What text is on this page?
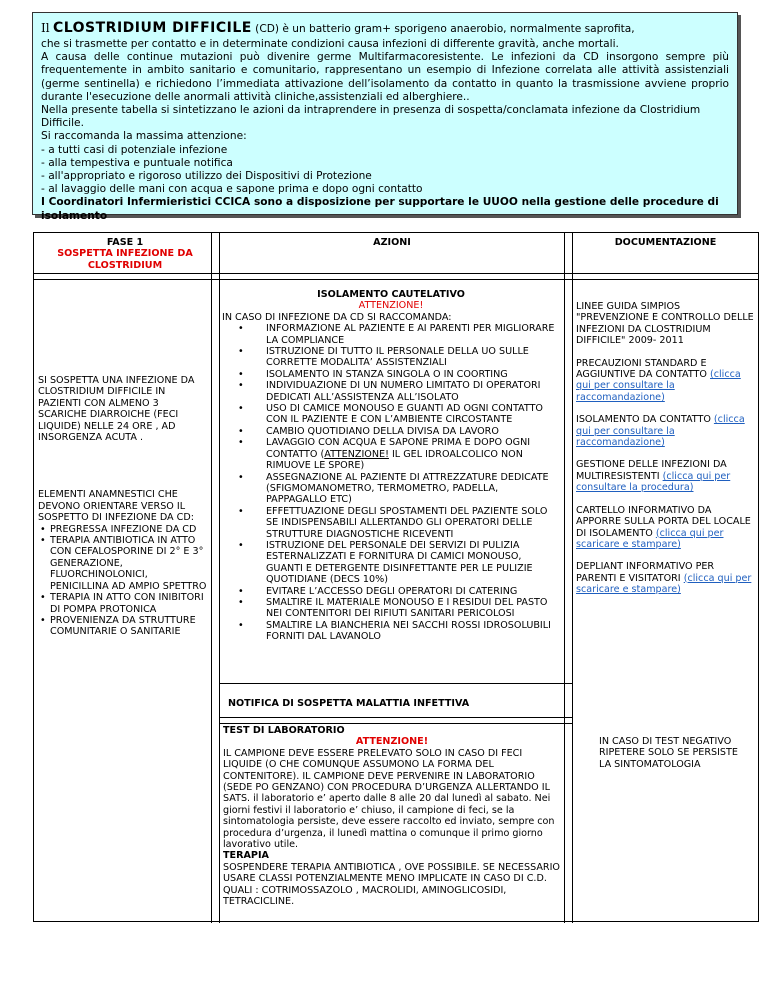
Il CLOSTRIDIUM DIFFICILE (CD) è un batterio gram+ sporigeno anaerobio, normalmente saprofita,

che si trasmette per contatto e in determinate condizioni causa infezioni di differente gravità, anche mortali.

A causa delle continue mutazioni può divenire germe Multifarmacoresistente. Le infezioni da CD insorgono sempre più frequentemente in ambito sanitario e comunitario, rappresentano un esempio di Infezione correlata alle attività assistenziali (germe sentinella) e richiedono l’immediata attivazione dell’isolamento da contatto in quanto la trasmissione avviene proprio durante l'esecuzione delle anormali attività cliniche,assistenziali ed alberghiere..

Nella presente tabella si sintetizzano le azioni da intraprendere in presenza di sospetta/conclamata infezione da Clostridium Difficile.

Si raccomanda la massima attenzione:

- a tutti casi di potenziale infezione

- alla tempestiva e puntuale notifica

- all'appropriato e rigoroso utilizzo dei Dispositivi di Protezione

- al lavaggio delle mani con acqua e sapone prima e dopo ogni contatto

I Coordinatori Infermieristici CCICA sono a disposizione per supportare le UUOO nella gestione delle procedure di isolamento

FASE 1
SOSPETTA INFEZIONE DA CLOSTRIDIUM
AZIONI	DOCUMENTAZIONE
SI SOSPETTA UNA INFEZIONE DA CLOSTRIDIUM DIFFICILE IN PAZIENTI CON ALMENO 3 SCARICHE DIARROICHE (FECI LIQUIDE) NELLE 24 ORE , AD INSORGENZA ACUTA .
ELEMENTI ANAMNESTICI CHE DEVONO ORIENTARE VERSO IL SOSPETTO DI INFEZIONE DA CD:
• PREGRESSA INFEZIONE DA CD
• TERAPIA ANTIBIOTICA IN ATTO CON CEFALOSPORINE DI 2° E 3° GENERAZIONE, FLUORCHINOLONICI, PENICILLINA AD AMPIO SPETTRO
• TERAPIA IN ATTO CON INIBITORI DI POMPA PROTONICA
• PROVENIENZA DA STRUTTURE COMUNITARIE O SANITARIE
ISOLAMENTO CAUTELATIVO
ATTENZIONE!
IN CASO DI INFEZIONE DA CD SI RACCOMANDA:
• INFORMAZIONE AL PAZIENTE E AI PARENTI PER MIGLIORARE LA COMPLIANCE
• ISTRUZIONE DI TUTTO IL PERSONALE DELLA UO SULLE CORRETTE MODALITA’ ASSISTENZIALI
• ISOLAMENTO IN STANZA SINGOLA O IN COORTING
• INDIVIDUAZIONE DI UN NUMERO LIMITATO DI OPERATORI DEDICATI ALL’ASSISTENZA ALL’ISOLATO
• USO DI CAMICE MONOUSO E GUANTI AD OGNI CONTATTO CON IL PAZIENTE E CON L’AMBIENTE CIRCOSTANTE
• CAMBIO QUOTIDIANO DELLA DIVISA DA LAVORO
• LAVAGGIO CON ACQUA E SAPONE PRIMA E DOPO OGNI CONTATTO (ATTENZIONE! IL GEL IDROALCOLICO NON RIMUOVE LE SPORE)
• ASSEGNAZIONE AL PAZIENTE DI ATTREZZATURE DEDICATE (SFIGMOMANOMETRO, TERMOMETRO, PADELLA, PAPPAGALLO ETC)
• EFFETTUAZIONE DEGLI SPOSTAMENTI DEL PAZIENTE SOLO SE INDISPENSABILI ALLERTANDO GLI OPERATORI DELLE STRUTTURE DIAGNOSTICHE RICEVENTI
• ISTRUZIONE DEL PERSONALE DEI SERVIZI DI PULIZIA ESTERNALIZZATI E FORNITURA DI CAMICI MONOUSO, GUANTI E DETERGENTE DISINFETTANTE PER LE PULIZIE QUOTIDIANE (DECS 10%)
• EVITARE L’ACCESSO DEGLI OPERATORI DI CATERING
• SMALTIRE IL MATERIALE MONOUSO E I RESIDUI DEL PASTO NEI CONTENITORI DEI RIFIUTI SANITARI PERICOLOSI
• SMALTIRE LA BIANCHERIA NEI SACCHI ROSSI IDROSOLUBILI FORNITI DAL LAVANOLO

LINEE GUIDA SIMPIOS "PREVENZIONE E CONTROLLO DELLE INFEZIONI DA CLOSTRIDIUM DIFFICILE" 2009- 2011

PRECAUZIONI STANDARD E AGGIUNTIVE DA CONTATTO (clicca qui per consultare la raccomandazione)

ISOLAMENTO DA CONTATTO (clicca qui per consultare la raccomandazione)

GESTIONE DELLE INFEZIONI DA MULTIRESISTENTI (clicca qui per consultare la procedura)

CARTELLO INFORMATIVO DA APPORRE SULLA PORTA DEL LOCALE DI ISOLAMENTO (clicca qui per scaricare e stampare)

DEPLIANT INFORMATIVO PER PARENTI E VISITATORI (clicca qui per scaricare e stampare)

NOTIFICA DI SOSPETTA MALATTIA INFETTIVA
TEST DI LABORATORIO
ATTENZIONE!
IL CAMPIONE DEVE ESSERE PRELEVATO SOLO IN CASO DI FECI LIQUIDE (O CHE COMUNQUE ASSUMONO LA FORMA DEL CONTENITORE). IL CAMPIONE DEVE PERVENIRE IN LABORATORIO (SEDE PO GENZANO) CON PROCEDURA D’URGENZA ALLERTANDO IL SATS. il laboratorio e’ aperto dalle 8 alle 20 dal lunedì al sabato. Nei giorni festivi il laboratorio e’ chiuso, il campione di feci, se la sintomatologia persiste, deve essere raccolto ed inviato, sempre con procedura d’urgenza, il lunedì mattina o comunque il primo giorno lavorativo utile.
TERAPIA
SOSPENDERE TERAPIA ANTIBIOTICA , OVE POSSIBILE. SE NECESSARIO USARE CLASSI POTENZIALMENTE MENO IMPLICATE IN CASO DI C.D. QUALI : COTRIMOSSAZOLO , MACROLIDI, AMINOGLICOSIDI, TETRACICLINE.
IN CASO DI TEST NEGATIVO RIPETERE SOLO SE PERSISTE LA SINTOMATOLOGIA
